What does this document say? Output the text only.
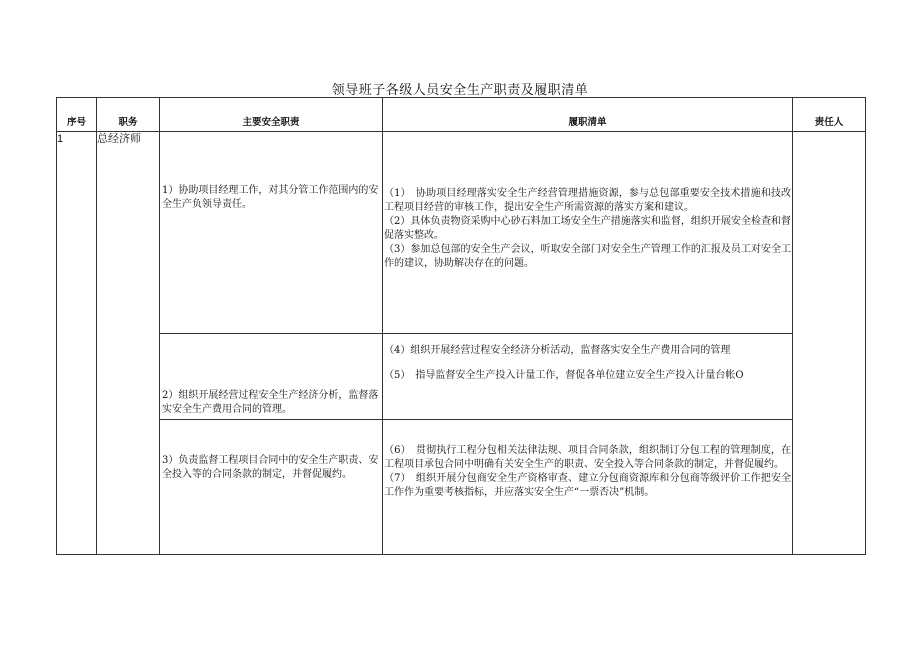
领导班子各级人员安全生产职责及履职清单
序号	职务	主要安全职责	履职清单	责任人
1	总经济师	1）协助项目经理工作，对其分管工作范围内的安全生产负领导责任。	（1）　协助项目经理落实安全生产经营管理措施资源，参与总包部重要安全技术措施和技改工程项目经营的审核工作，提出安全生产所需资源的落实方案和建议。

（2）具体负责物资采购中心砂石料加工场安全生产措施落实和监督，组织开展安全检查和督促落实整改。

（3）参加总包部的安全生产会议，听取安全部门对安全生产管理工作的汇报及员工对安全工作的建议，协助解决存在的问题。	

		2）组织开展经营过程安全生产经济分析，监督落实安全生产费用合同的管理。	（4）组织开展经营过程安全经济分析活动，监督落实安全生产费用合同的管理

（5）　指导监督安全生产投入计量工作，督促各单位建立安全生产投入计量台帐O	

		3）负责监督工程项目合同中的安全生产职责、安全投入等的合同条款的制定，并督促履约。	（6）　贯彻执行工程分包相关法律法规、项目合同条款，组织制订分包工程的管理制度，在工程项目承包合同中明确有关安全生产的职责、安全投入等合同条款的制定，并督促履约。

（7）　组织开展分包商安全生产资格审查、建立分包商资源库和分包商等级评价工作把安全工作作为重要考核指标，并应落实安全生产“一票否决”机制。	
